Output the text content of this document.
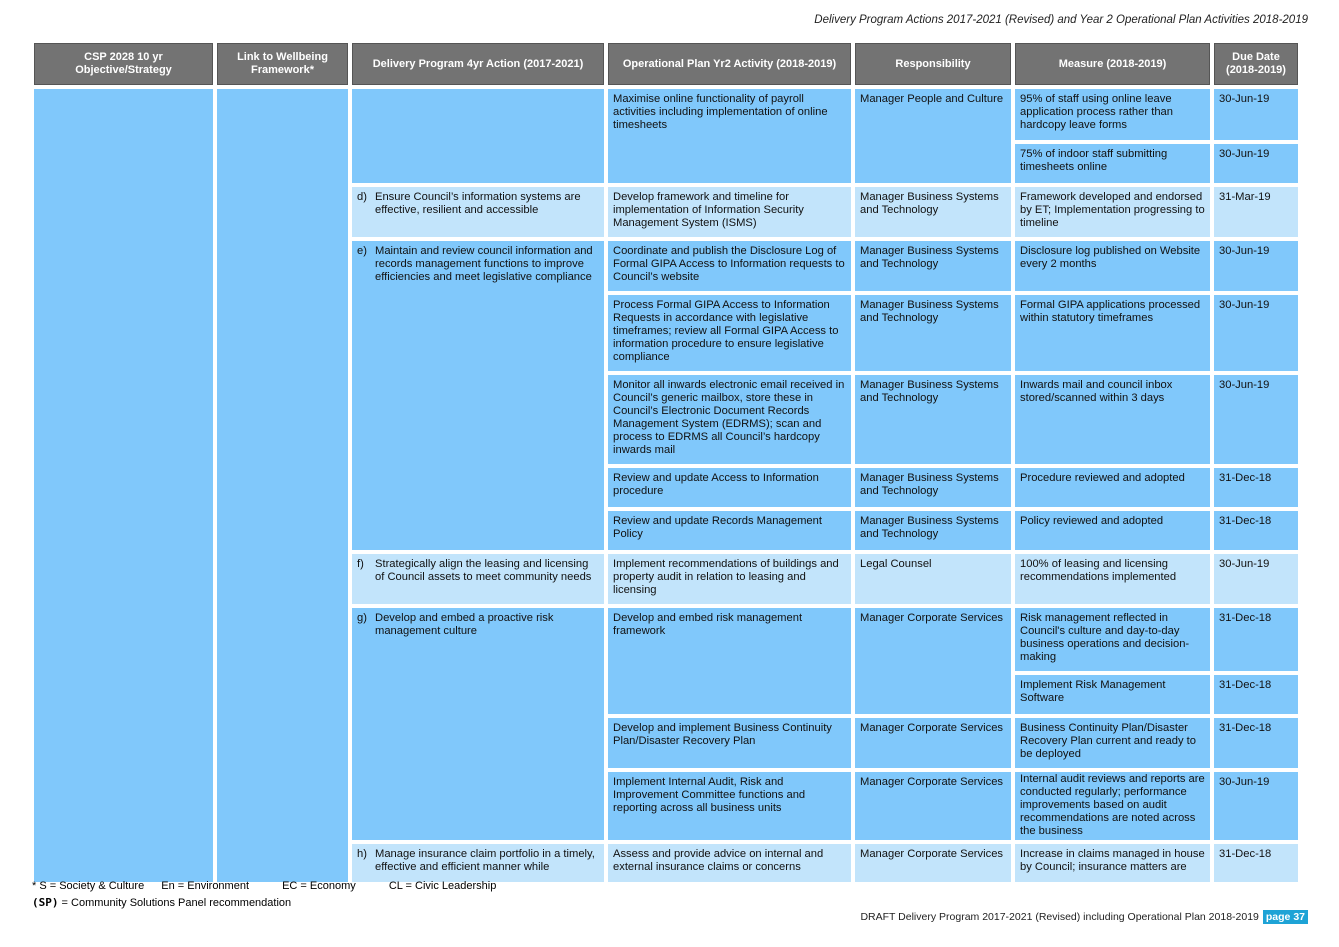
Delivery Program Actions 2017-2021 (Revised) and Year 2 Operational Plan Activities 2018-2019
CSP 2028 10 yr Objective/Strategy	Link to Wellbeing Framework*	Delivery Program 4yr Action (2017-2021)	Operational Plan Yr2 Activity (2018-2019)	Responsibility	Measure (2018-2019)	Due Date (2018-2019)
			Maximise online functionality of payroll activities including implementation of online timesheets	Manager People and Culture	95% of staff using online leave application process rather than hardcopy leave forms	30-Jun-19
					75% of indoor staff submitting timesheets online	30-Jun-19

		d) Ensure Council’s information systems are effective, resilient and accessible	Develop framework and timeline for implementation of Information Security Management System (ISMS)	Manager Business Systems and Technology	Framework developed and endorsed by ET; Implementation progressing to timeline	31-Mar-19

		e) Maintain and review council information and records management functions to improve efficiencies and meet legislative compliance	Coordinate and publish the Disclosure Log of Formal GIPA Access to Information requests to Council’s website	Manager Business Systems and Technology	Disclosure log published on Website every 2 months	30-Jun-19
			Process Formal GIPA Access to Information Requests in accordance with legislative timeframes; review all Formal GIPA Access to information procedure to ensure legislative compliance	Manager Business Systems and Technology	Formal GIPA applications processed within statutory timeframes	30-Jun-19
			Monitor all inwards electronic email received in Council’s generic mailbox, store these in Council’s Electronic Document Records Management System (EDRMS); scan and process to EDRMS all Council’s hardcopy inwards mail	Manager Business Systems and Technology	Inwards mail and council inbox stored/scanned within 3 days	30-Jun-19
			Review and update Access to Information procedure	Manager Business Systems and Technology	Procedure reviewed and adopted	31-Dec-18
			Review and update Records Management Policy	Manager Business Systems and Technology	Policy reviewed and adopted	31-Dec-18

		f) Strategically align the leasing and licensing of Council assets to meet community needs	Implement recommendations of buildings and property audit in relation to leasing and licensing	Legal Counsel	100% of leasing and licensing recommendations implemented	30-Jun-19

		g) Develop and embed a proactive risk management culture	Develop and embed risk management framework	Manager Corporate Services	Risk management reflected in Council's culture and day-to-day business operations and decision-making	31-Dec-18
					Implement Risk Management Software	31-Dec-18
			Develop and implement Business Continuity Plan/Disaster Recovery Plan	Manager Corporate Services	Business Continuity Plan/Disaster Recovery Plan current and ready to be deployed	31-Dec-18
			Implement Internal Audit, Risk and Improvement Committee functions and reporting across all business units	Manager Corporate Services	Internal audit reviews and reports are conducted regularly; performance improvements based on audit recommendations are noted across the business	30-Jun-19

		h) Manage insurance claim portfolio in a timely, effective and efficient manner while	Assess and provide advice on internal and external insurance claims or concerns	Manager Corporate Services	Increase in claims managed in house by Council; insurance matters are	31-Dec-18
* S = Society & Culture En = Environment	EC = Economy	CL = Civic Leadership
(SP) = Community Solutions Panel recommendation
DRAFT Delivery Program 2017-2021 (Revised) including Operational Plan 2018-2019 page 37
